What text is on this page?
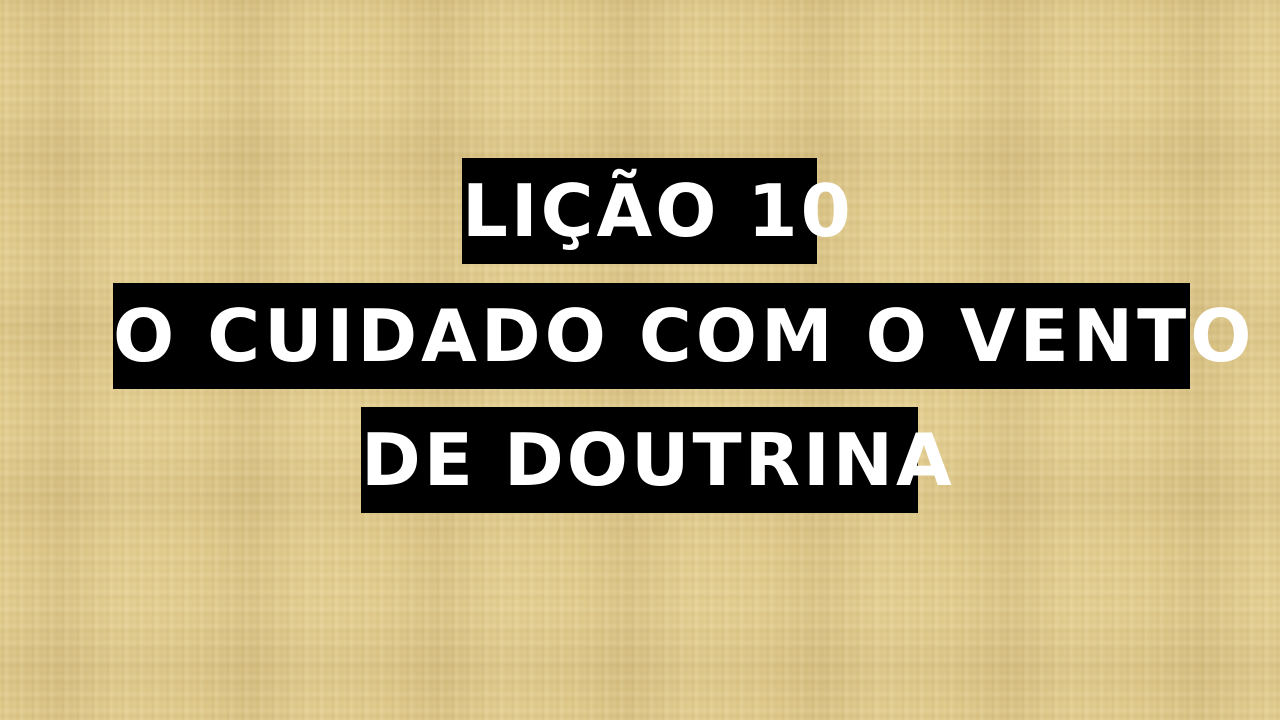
LIÇÃO 10
O CUIDADO COM O VENTO
DE DOUTRINA
